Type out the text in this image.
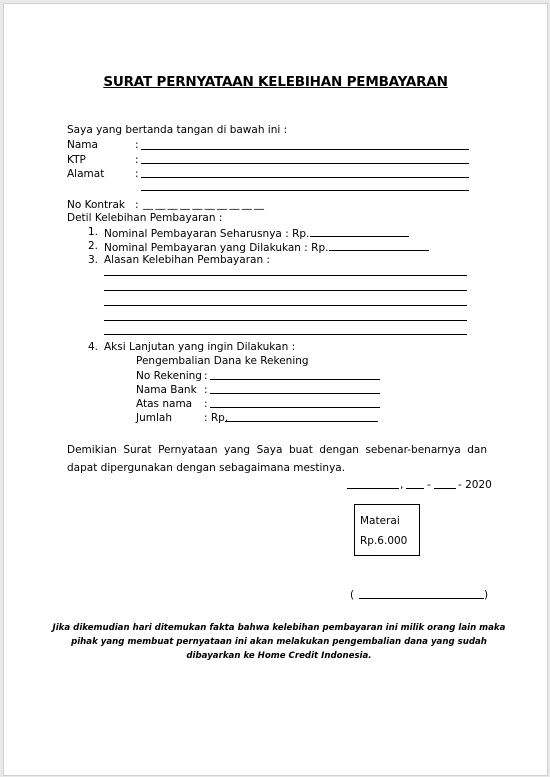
SURAT PERNYATAAN KELEBIHAN PEMBAYARAN
Saya yang bertanda tangan di bawah ini :
Nama	:
KTP	:
Alamat	:
No Kontrak : __ __ __ __ __ __ __ __ __ __
Detil Kelebihan Pembayaran :
1. Nominal Pembayaran Seharusnya : Rp.
2. Nominal Pembayaran yang Dilakukan : Rp.
3. Alasan Kelebihan Pembayaran :
4. Aksi Lanjutan yang ingin Dilakukan :
Pengembalian Dana ke Rekening
No Rekening :
Nama Bank :
Atas nama :
Jumlah	: Rp.
Demikian Surat Pernyataan yang Saya buat dengan sebenar-benarnya dan dapat dipergunakan dengan sebagaimana mestinya.
, -	- 2020
Materai
Rp.6.000
(	)
Jika dikemudian hari ditemukan fakta bahwa kelebihan pembayaran ini milik orang lain maka pihak yang membuat pernyataan ini akan melakukan pengembalian dana yang sudah dibayarkan ke Home Credit Indonesia.
